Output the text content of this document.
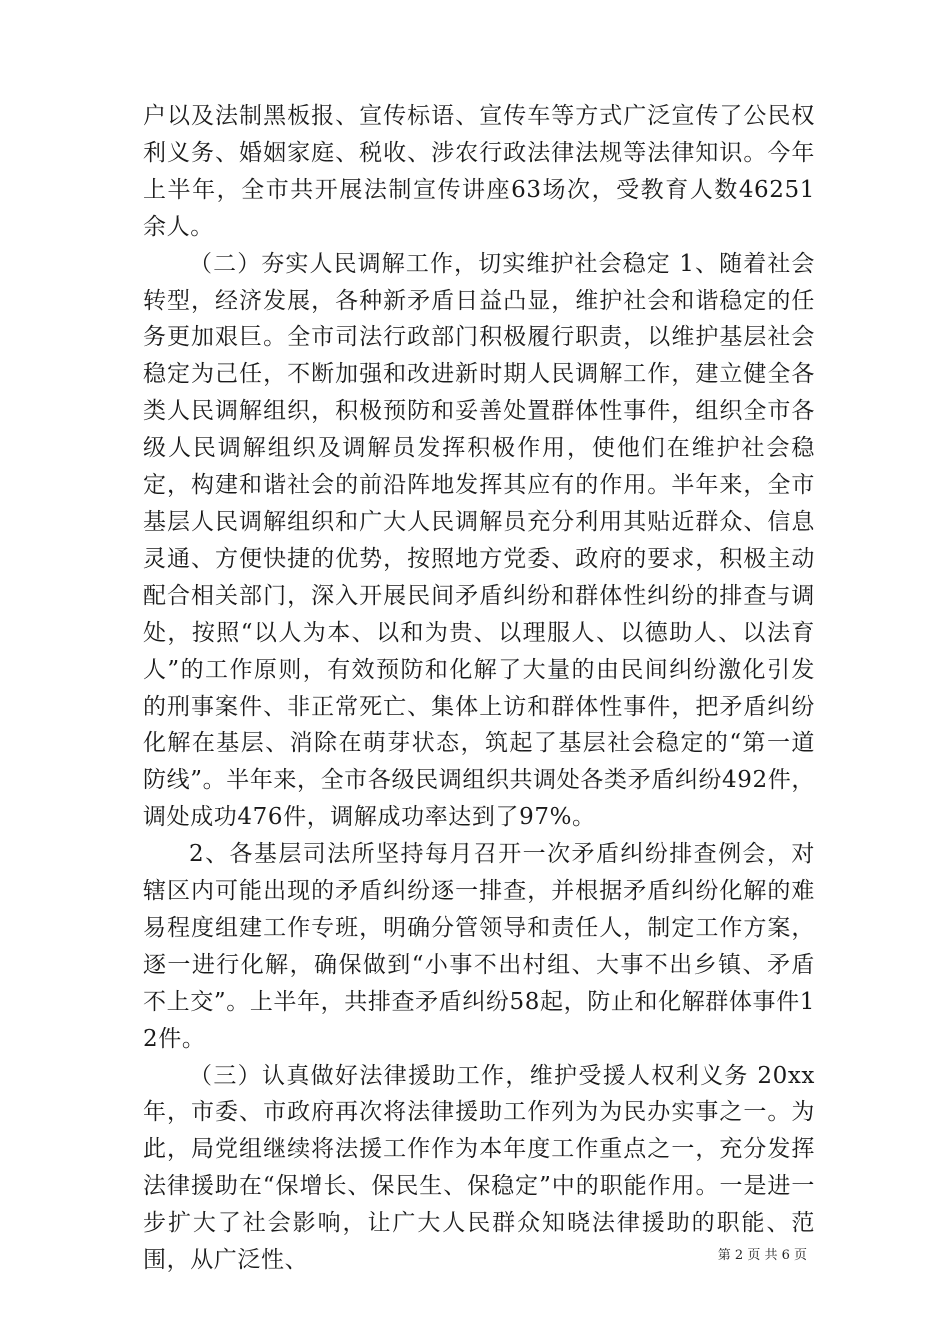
户以及法制黑板报、宣传标语、宣传车等方式广泛宣传了公民权利义务、婚姻家庭、税收、涉农行政法律法规等法律知识。今年上半年，全市共开展法制宣传讲座63场次，受教育人数46251余人。

（二）夯实人民调解工作，切实维护社会稳定 1、随着社会转型，经济发展，各种新矛盾日益凸显，维护社会和谐稳定的任务更加艰巨。全市司法行政部门积极履行职责，以维护基层社会稳定为己任，不断加强和改进新时期人民调解工作，建立健全各类人民调解组织，积极预防和妥善处置群体性事件，组织全市各级人民调解组织及调解员发挥积极作用，使他们在维护社会稳定，构建和谐社会的前沿阵地发挥其应有的作用。半年来，全市基层人民调解组织和广大人民调解员充分利用其贴近群众、信息灵通、方便快捷的优势，按照地方党委、政府的要求，积极主动配合相关部门，深入开展民间矛盾纠纷和群体性纠纷的排查与调处，按照“以人为本、以和为贵、以理服人、以德助人、以法育人”的工作原则，有效预防和化解了大量的由民间纠纷激化引发的刑事案件、非正常死亡、集体上访和群体性事件，把矛盾纠纷化解在基层、消除在萌芽状态，筑起了基层社会稳定的“第一道防线”。半年来，全市各级民调组织共调处各类矛盾纠纷492件，调处成功476件，调解成功率达到了97%。

2、各基层司法所坚持每月召开一次矛盾纠纷排查例会，对辖区内可能出现的矛盾纠纷逐一排查，并根据矛盾纠纷化解的难易程度组建工作专班，明确分管领导和责任人，制定工作方案，逐一进行化解，确保做到“小事不出村组、大事不出乡镇、矛盾不上交”。上半年，共排查矛盾纠纷58起，防止和化解群体事件12件。

（三）认真做好法律援助工作，维护受援人权利义务 20xx年，市委、市政府再次将法律援助工作列为为民办实事之一。为此，局党组继续将法援工作作为本年度工作重点之一，充分发挥法律援助在“保增长、保民生、保稳定”中的职能作用。一是进一步扩大了社会影响，让广大人民群众知晓法律援助的职能、范围，从广泛性、	第 2 页 共 6 页
